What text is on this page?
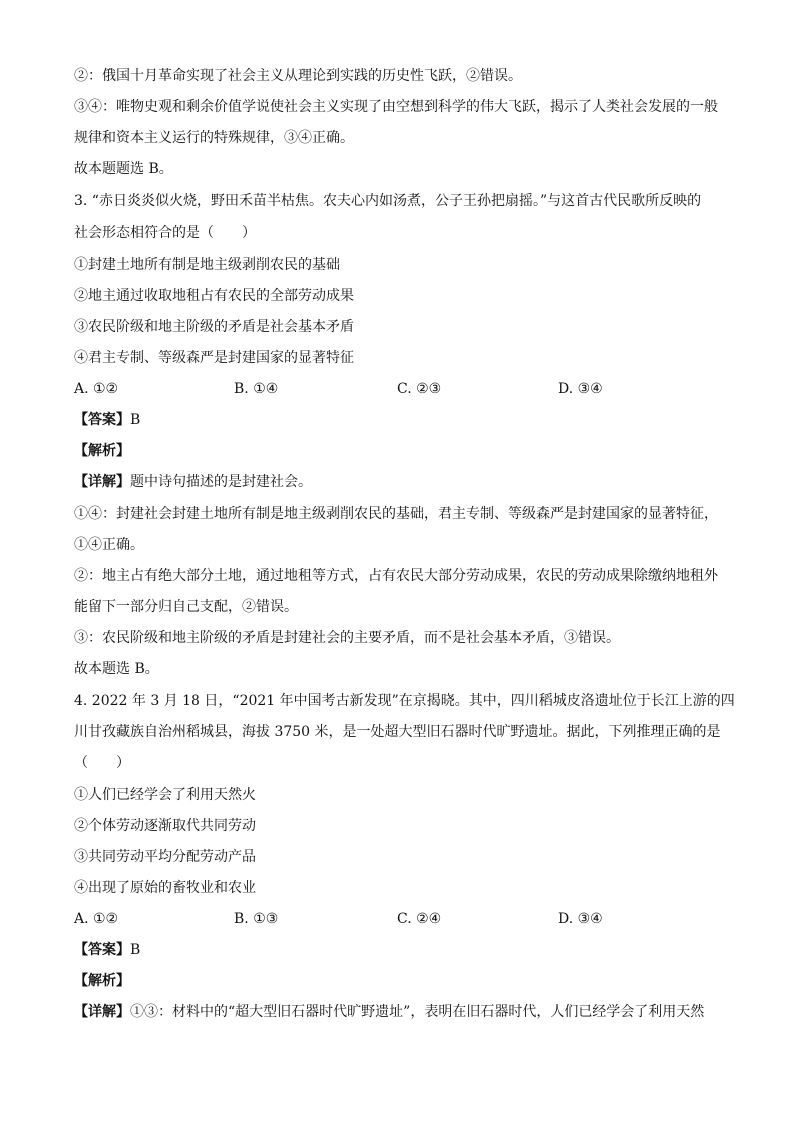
②：俄国十月革命实现了社会主义从理论到实践的历史性飞跃，②错误。
③④：唯物史观和剩余价值学说使社会主义实现了由空想到科学的伟大飞跃，揭示了人类社会发展的一般
规律和资本主义运行的特殊规律，③④正确。
故本题题选 B。
3. “赤日炎炎似火烧，野田禾苗半枯焦。农夫心内如汤煮，公子王孙把扇摇。”与这首古代民歌所反映的
社会形态相符合的是（　　）
①封建土地所有制是地主级剥削农民的基础
②地主通过收取地租占有农民的全部劳动成果
③农民阶级和地主阶级的矛盾是社会基本矛盾
④君主专制、等级森严是封建国家的显著特征
A. ①②	B. ①④	C. ②③	D. ③④
【答案】B
【解析】
【详解】题中诗句描述的是封建社会。
①④：封建社会封建土地所有制是地主级剥削农民的基础，君主专制、等级森严是封建国家的显著特征，
①④正确。
②：地主占有绝大部分土地，通过地租等方式，占有农民大部分劳动成果，农民的劳动成果除缴纳地租外
能留下一部分归自己支配，②错误。
③：农民阶级和地主阶级的矛盾是封建社会的主要矛盾，而不是社会基本矛盾，③错误。
故本题选 B。
4. 2022 年 3 月 18 日，“2021 年中国考古新发现”在京揭晓。其中，四川稻城皮洛遗址位于长江上游的四
川甘孜藏族自治州稻城县，海拔 3750 米，是一处超大型旧石器时代旷野遗址。据此，下列推理正确的是
（　　）
①人们已经学会了利用天然火
②个体劳动逐渐取代共同劳动
③共同劳动平均分配劳动产品
④出现了原始的畜牧业和农业
A. ①②	B. ①③	C. ②④	D. ③④
【答案】B
【解析】
【详解】①③：材料中的“超大型旧石器时代旷野遗址”，表明在旧石器时代，人们已经学会了利用天然
